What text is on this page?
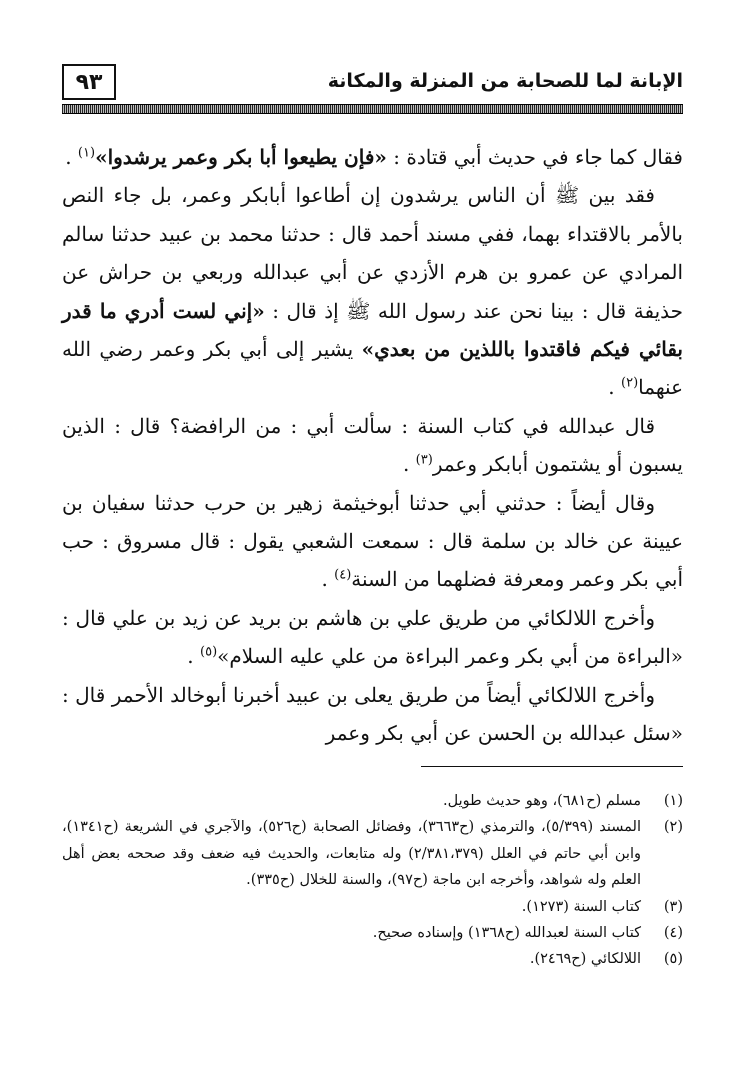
٩٣	الإبانة لما للصحابة من المنزلة والمكانة

فقال كما جاء في حديث أبي قتادة : «فإن يطيعوا أبا بكر وعمر يرشدوا»$^{(١)}$ .

فقد بين ﷺ أن الناس يرشدون إن أطاعوا أبابكر وعمر، بل جاء النص بالأمر بالاقتداء بهما، ففي مسند أحمد قال : حدثنا محمد بن عبيد حدثنا سالم المرادي عن عمرو بن هرم الأزدي عن أبي عبدالله وربعي بن حراش عن حذيفة قال : بينا نحن عند رسول الله ﷺ إذ قال : «إني لست أدري ما قدر بقائي فيكم فاقتدوا باللذين من بعدي» يشير إلى أبي بكر وعمر رضي الله عنهما$^{(٢)}$ .

قال عبدالله في كتاب السنة : سألت أبي : من الرافضة؟ قال : الذين يسبون أو يشتمون أبابكر وعمر$^{(٣)}$ .

وقال أيضاً : حدثني أبي حدثنا أبوخيثمة زهير بن حرب حدثنا سفيان بن عيينة عن خالد بن سلمة قال : سمعت الشعبي يقول : قال مسروق : حب أبي بكر وعمر ومعرفة فضلهما من السنة$^{(٤)}$ .

وأخرج اللالكائي من طريق علي بن هاشم بن بريد عن زيد بن علي قال : «البراءة من أبي بكر وعمر البراءة من علي عليه السلام»$^{(٥)}$ .

وأخرج اللالكائي أيضاً من طريق يعلى بن عبيد أخبرنا أبوخالد الأحمر قال : «سئل عبدالله بن الحسن عن أبي بكر وعمر

(١)
مسلم (ح٦٨١)، وهو حديث طويل.
(٢)
المسند (٥/٣٩٩)، والترمذي (ح٣٦٦٣)، وفضائل الصحابة (ح٥٢٦)، والآجري في الشريعة (ح١٣٤١)، وابن أبي حاتم في العلل (٢/٣٨١،٣٧٩) وله متابعات، والحديث فيه ضعف وقد صححه بعض أهل العلم وله شواهد، وأخرجه ابن ماجة (ح٩٧)، والسنة للخلال (ح٣٣٥).
(٣)
كتاب السنة (١٢٧٣).
(٤)
كتاب السنة لعبدالله (ح١٣٦٨) وإسناده صحيح.
(٥)
اللالكائي (ح٢٤٦٩).
